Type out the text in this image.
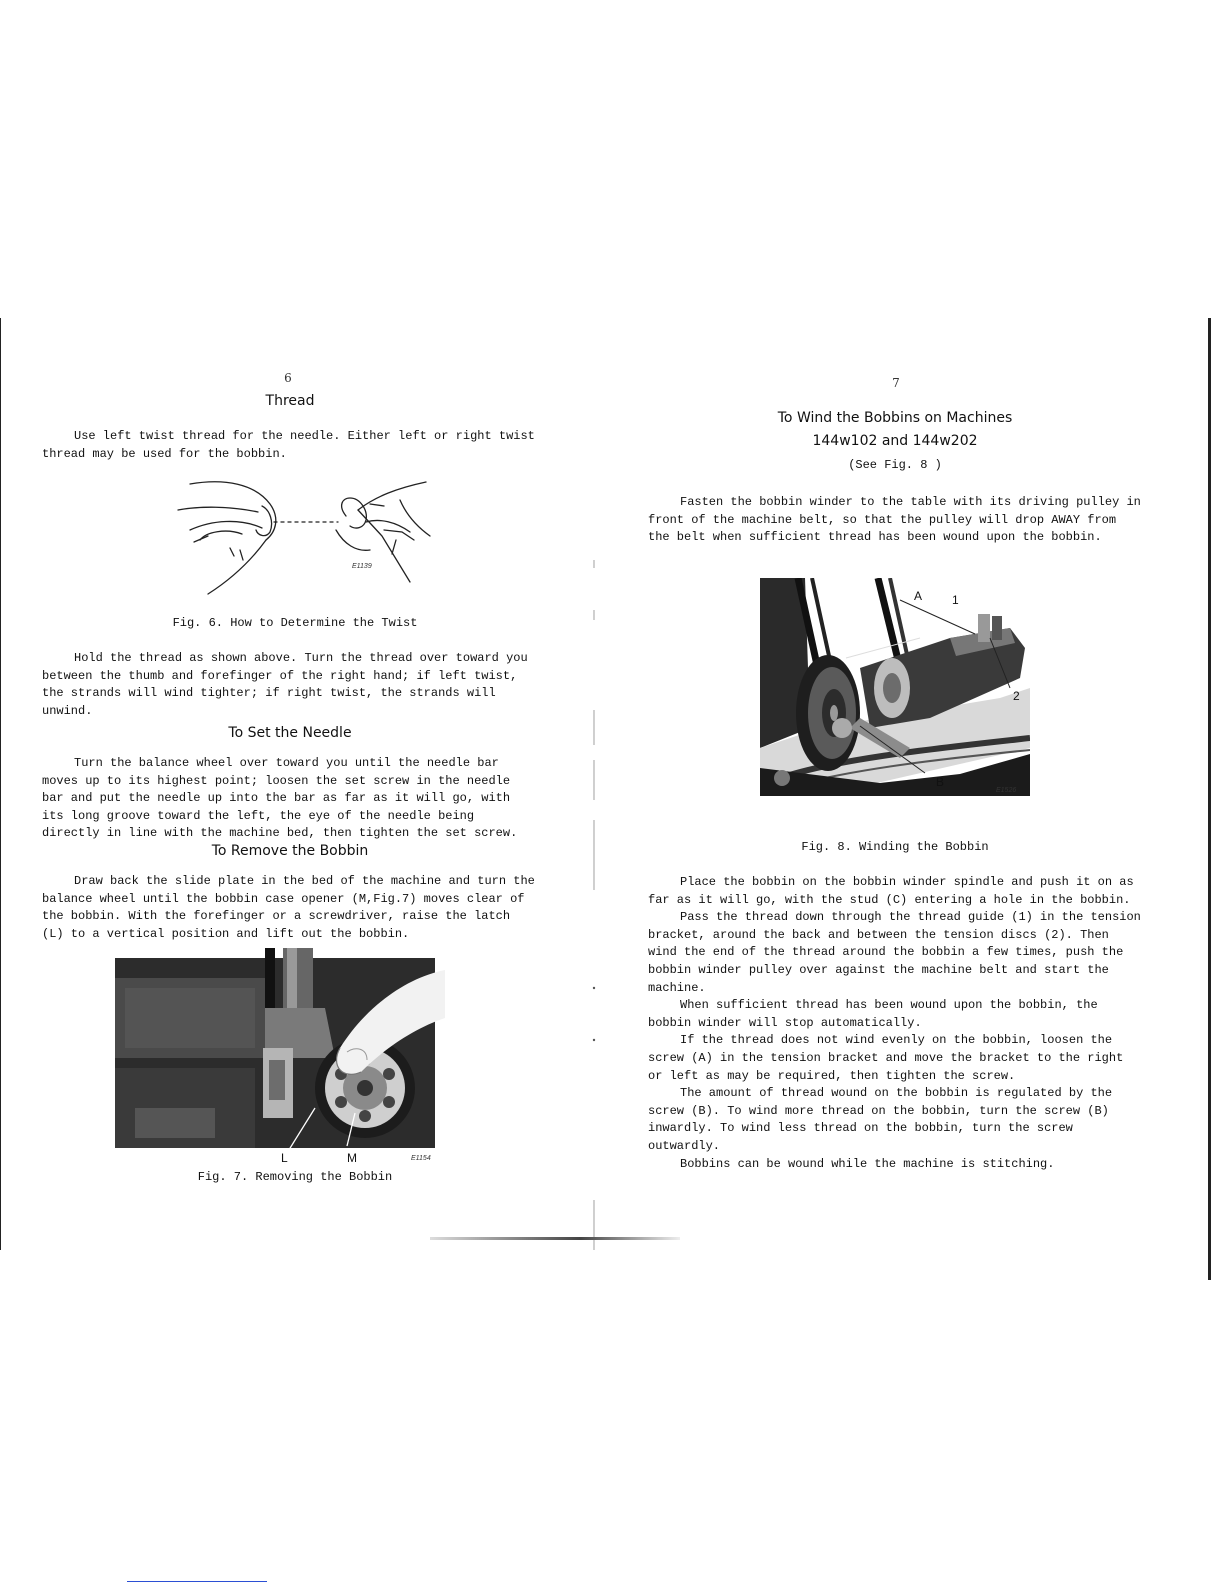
6
Thread

Use left twist thread for the needle. Either left or right twist thread may be used for the bobbin.

E1139
Fig. 6. How to Determine the Twist

Hold the thread as shown above. Turn the thread over toward you between the thumb and forefinger of the right hand; if left twist, the strands will wind tighter; if right twist, the strands will unwind.

To Set the Needle

Turn the balance wheel over toward you until the needle bar moves up to its highest point; loosen the set screw in the needle bar and put the needle up into the bar as far as it will go, with its long groove toward the left, the eye of the needle being directly in line with the machine bed, then tighten the set screw.

To Remove the Bobbin

Draw back the slide plate in the bed of the machine and turn the balance wheel until the bobbin case opener (M,Fig.7) moves clear of the bobbin. With the forefinger or a screwdriver, raise the latch (L) to a vertical position and lift out the bobbin.

L	M	E1154
Fig. 7. Removing the Bobbin
7
To Wind the Bobbins on Machines
144w102 and 144w202
(See Fig. 8 )

Fasten the bobbin winder to the table with its driving pulley in front of the machine belt, so that the pulley will drop AWAY from the belt when sufficient thread has been wound upon the bobbin.

A 1
C
2
B
E1526
Fig. 8. Winding the Bobbin

Place the bobbin on the bobbin winder spindle and push it on as far as it will go, with the stud (C) entering a hole in the bobbin.

Pass the thread down through the thread guide (1) in the tension bracket, around the back and between the tension discs (2). Then wind the end of the thread around the bobbin a few times, push the bobbin winder pulley over against the machine belt and start the machine.

When sufficient thread has been wound upon the bobbin, the bobbin winder will stop automatically.

If the thread does not wind evenly on the bobbin, loosen the screw (A) in the tension bracket and move the bracket to the right or left as may be required, then tighten the screw.

The amount of thread wound on the bobbin is regulated by the screw (B). To wind more thread on the bobbin, turn the screw (B) inwardly. To wind less thread on the bobbin, turn the screw outwardly.

Bobbins can be wound while the machine is stitching.
